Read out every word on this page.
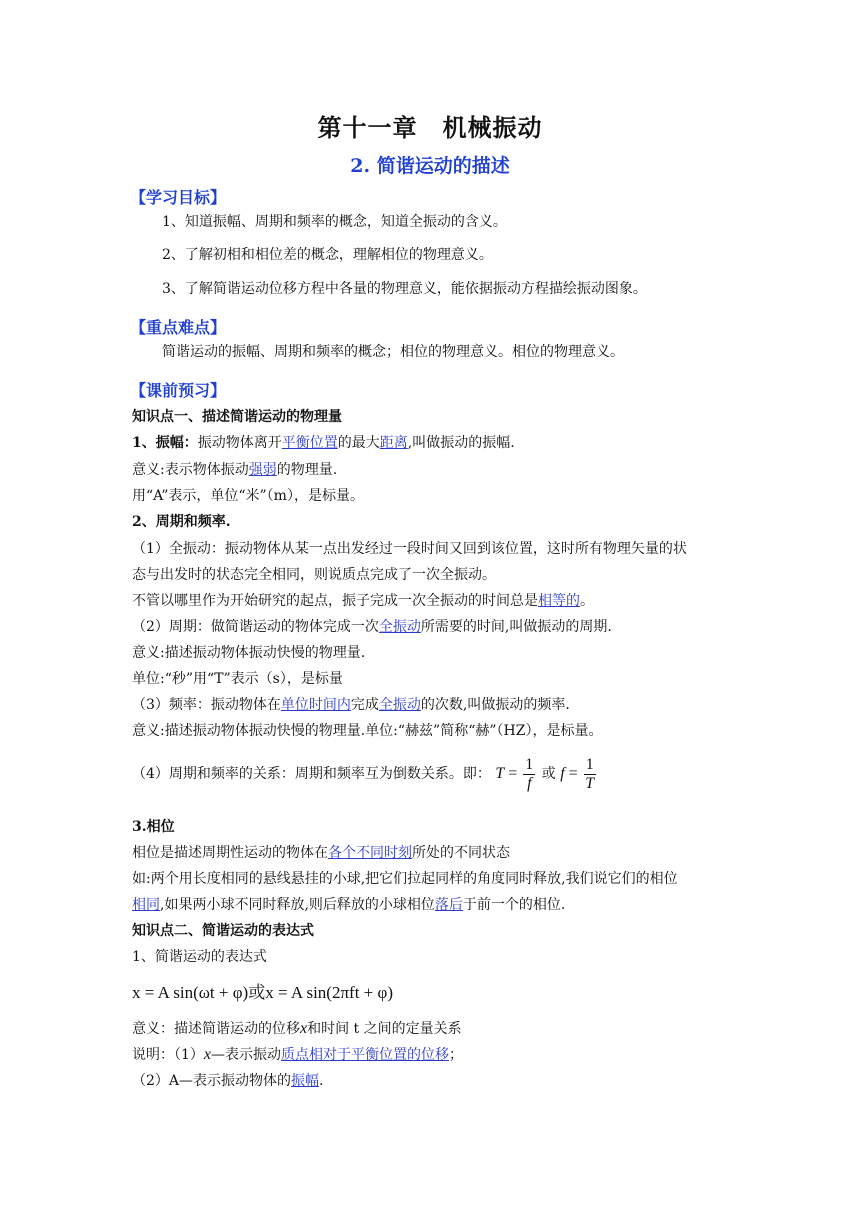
第十一章　机械振动
2. 简谐运动的描述
【学习目标】
1、知道振幅、周期和频率的概念，知道全振动的含义。
2、了解初相和相位差的概念，理解相位的物理意义。
3、了解简谐运动位移方程中各量的物理意义，能依据振动方程描绘振动图象。
【重点难点】
简谐运动的振幅、周期和频率的概念；相位的物理意义。相位的物理意义。
【课前预习】
知识点一、描述简谐运动的物理量
1、振幅：振动物体离开平衡位置的最大距离,叫做振动的振幅.
意义:表示物体振动强弱的物理量.
用“A”表示，单位“米”（m），是标量。
2、周期和频率.
（1）全振动：振动物体从某一点出发经过一段时间又回到该位置，这时所有物理矢量的状
态与出发时的状态完全相同，则说质点完成了一次全振动。
不管以哪里作为开始研究的起点，振子完成一次全振动的时间总是相等的。
（2）周期：做简谐运动的物体完成一次全振动所需要的时间,叫做振动的周期.
意义:描述振动物体振动快慢的物理量.
单位:“秒”用“T”表示（s），是标量
（3）频率：振动物体在单位时间内完成全振动的次数,叫做振动的频率.
意义:描述振动物体振动快慢的物理量.单位:“赫兹”简称“赫”（HZ），是标量。
（4）周期和频率的关系：周期和频率互为倒数关系。即： $T = \frac{1}{f}$ 或 $f = \frac{1}{T}$
3.相位
相位是描述周期性运动的物体在各个不同时刻所处的不同状态
如:两个用长度相同的悬线悬挂的小球,把它们拉起同样的角度同时释放,我们说它们的相位
相同,如果两小球不同时释放,则后释放的小球相位落后于前一个的相位.
知识点二、简谐运动的表达式
1、简谐运动的表达式
x = A sin(ωt + φ)或x = A sin(2πft + φ)
意义：描述简谐运动的位移x和时间 t 之间的定量关系
说明：（1）x—表示振动质点相对于平衡位置的位移；
（2）A—表示振动物体的振幅.
